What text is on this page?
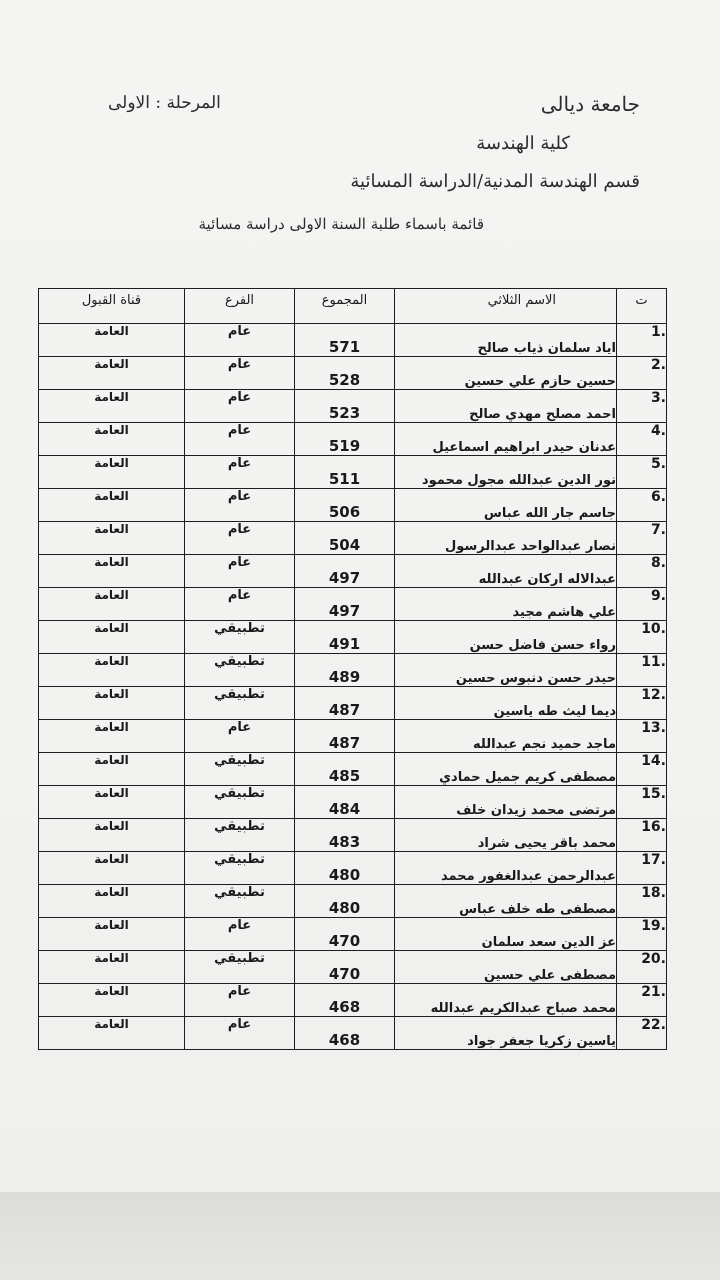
جامعة ديالى
كلية الهندسة
قسم الهندسة المدنية/الدراسة المسائية
المرحلة : الاولى
قائمة باسماء طلبة السنة الاولى دراسة مسائية
ت	الاسم الثلاثي	المجموع	الفرع	قناة القبول
1.	اياد سلمان ذياب صالح	571	عام	العامة
2.	حسين حازم علي حسين	528	عام	العامة
3.	احمد مصلح مهدي صالح	523	عام	العامة
4.	عدنان حيدر ابراهيم اسماعيل	519	عام	العامة
5.	نور الدين عبدالله مجول محمود	511	عام	العامة
6.	جاسم جار الله عباس	506	عام	العامة
7.	نصار عبدالواحد عبدالرسول	504	عام	العامة
8.	عبدالاله اركان عبدالله	497	عام	العامة
9.	علي هاشم مجيد	497	عام	العامة
10.	رواء حسن فاضل حسن	491	تطبيقي	العامة
11.	حيدر حسن دنبوس حسين	489	تطبيقي	العامة
12.	ديما ليث طه ياسين	487	تطبيقي	العامة
13.	ماجد حميد نجم عبدالله	487	عام	العامة
14.	مصطفى كريم جميل حمادي	485	تطبيقي	العامة
15.	مرتضى محمد زيدان خلف	484	تطبيقي	العامة
16.	محمد باقر يحيى شراد	483	تطبيقي	العامة
17.	عبدالرحمن عبدالغفور محمد	480	تطبيقي	العامة
18.	مصطفى طه خلف عباس	480	تطبيقي	العامة
19.	عز الدين سعد سلمان	470	عام	العامة
20.	مصطفى علي حسين	470	تطبيقي	العامة
21.	محمد صباح عبدالكريم عبدالله	468	عام	العامة
22.	ياسين زكريا جعفر جواد	468	عام	العامة
